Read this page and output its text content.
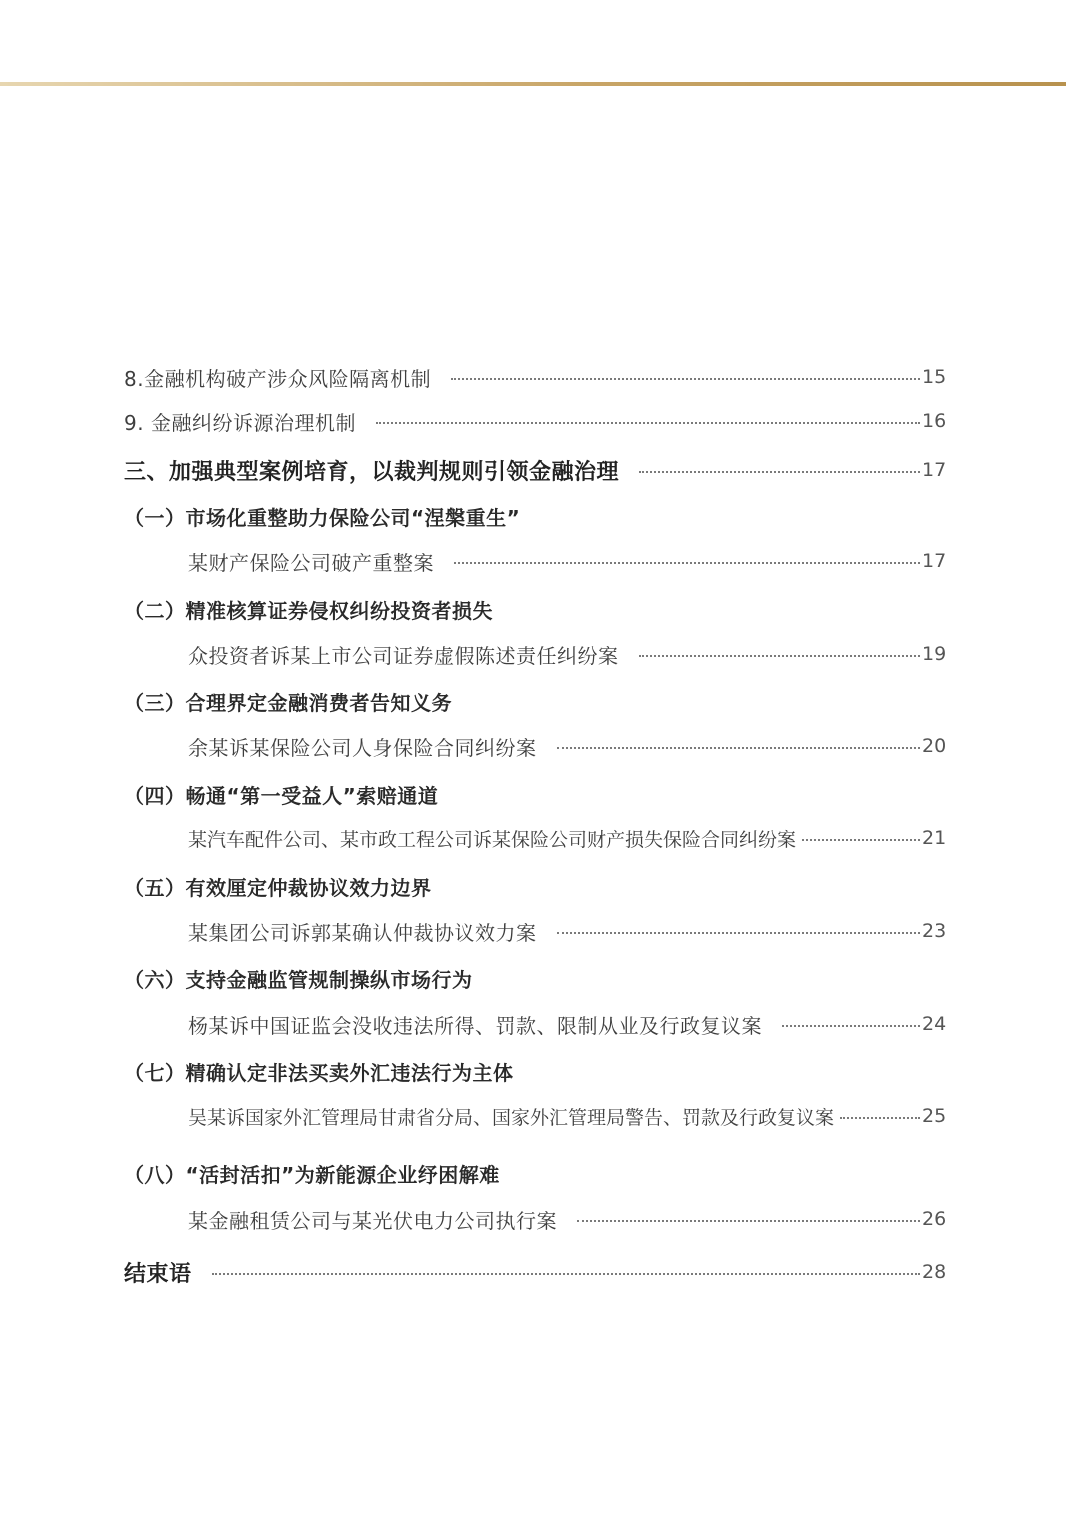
8.金融机构破产涉众风险隔离机制	15
9. 金融纠纷诉源治理机制	16
三、加强典型案例培育，以裁判规则引领金融治理	17
（一）市场化重整助力保险公司“涅槃重生”
某财产保险公司破产重整案	17
（二）精准核算证券侵权纠纷投资者损失
众投资者诉某上市公司证券虚假陈述责任纠纷案	19
（三）合理界定金融消费者告知义务
余某诉某保险公司人身保险合同纠纷案	20
（四）畅通“第一受益人”索赔通道
某汽车配件公司、某市政工程公司诉某保险公司财产损失保险合同纠纷案	21
（五）有效厘定仲裁协议效力边界
某集团公司诉郭某确认仲裁协议效力案	23
（六）支持金融监管规制操纵市场行为
杨某诉中国证监会没收违法所得、罚款、限制从业及行政复议案	24
（七）精确认定非法买卖外汇违法行为主体
吴某诉国家外汇管理局甘肃省分局、国家外汇管理局警告、罚款及行政复议案	25
（八）“活封活扣”为新能源企业纾困解难
某金融租赁公司与某光伏电力公司执行案	26
结束语	28
